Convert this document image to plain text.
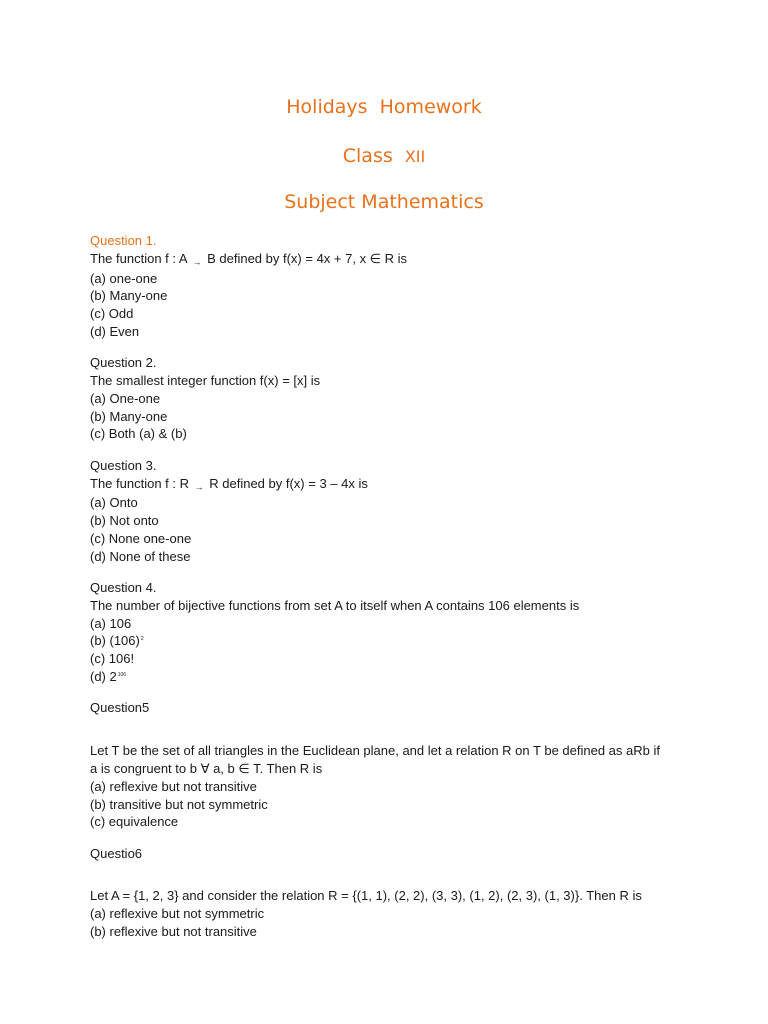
Holidays  Homework
Class  XII
Subject Mathematics

Question 1.

The function f : A → B defined by f(x) = 4x + 7, x ∈ R is

(a) one-one

(b) Many-one

(c) Odd

(d) Even

Question 2.

The smallest integer function f(x) = [x] is

(a) One-one

(b) Many-one

(c) Both (a) & (b)

Question 3.

The function f : R → R defined by f(x) = 3 – 4x is

(a) Onto

(b) Not onto

(c) None one-one

(d) None of these

Question 4.

The number of bijective functions from set A to itself when A contains 106 elements is

(a) 106

(b) $(106)^2$

(c) 106!

(d) $2^{106}$

Question5

Let T be the set of all triangles in the Euclidean plane, and let a relation R on T be defined as aRb if

a is congruent to b ∀ a, b ∈ T. Then R is

(a) reflexive but not transitive

(b) transitive but not symmetric

(c) equivalence

Questio6

Let A = {1, 2, 3} and consider the relation R = {(1, 1), (2, 2), (3, 3), (1, 2), (2, 3), (1, 3)}. Then R is

(a) reflexive but not symmetric

(b) reflexive but not transitive
